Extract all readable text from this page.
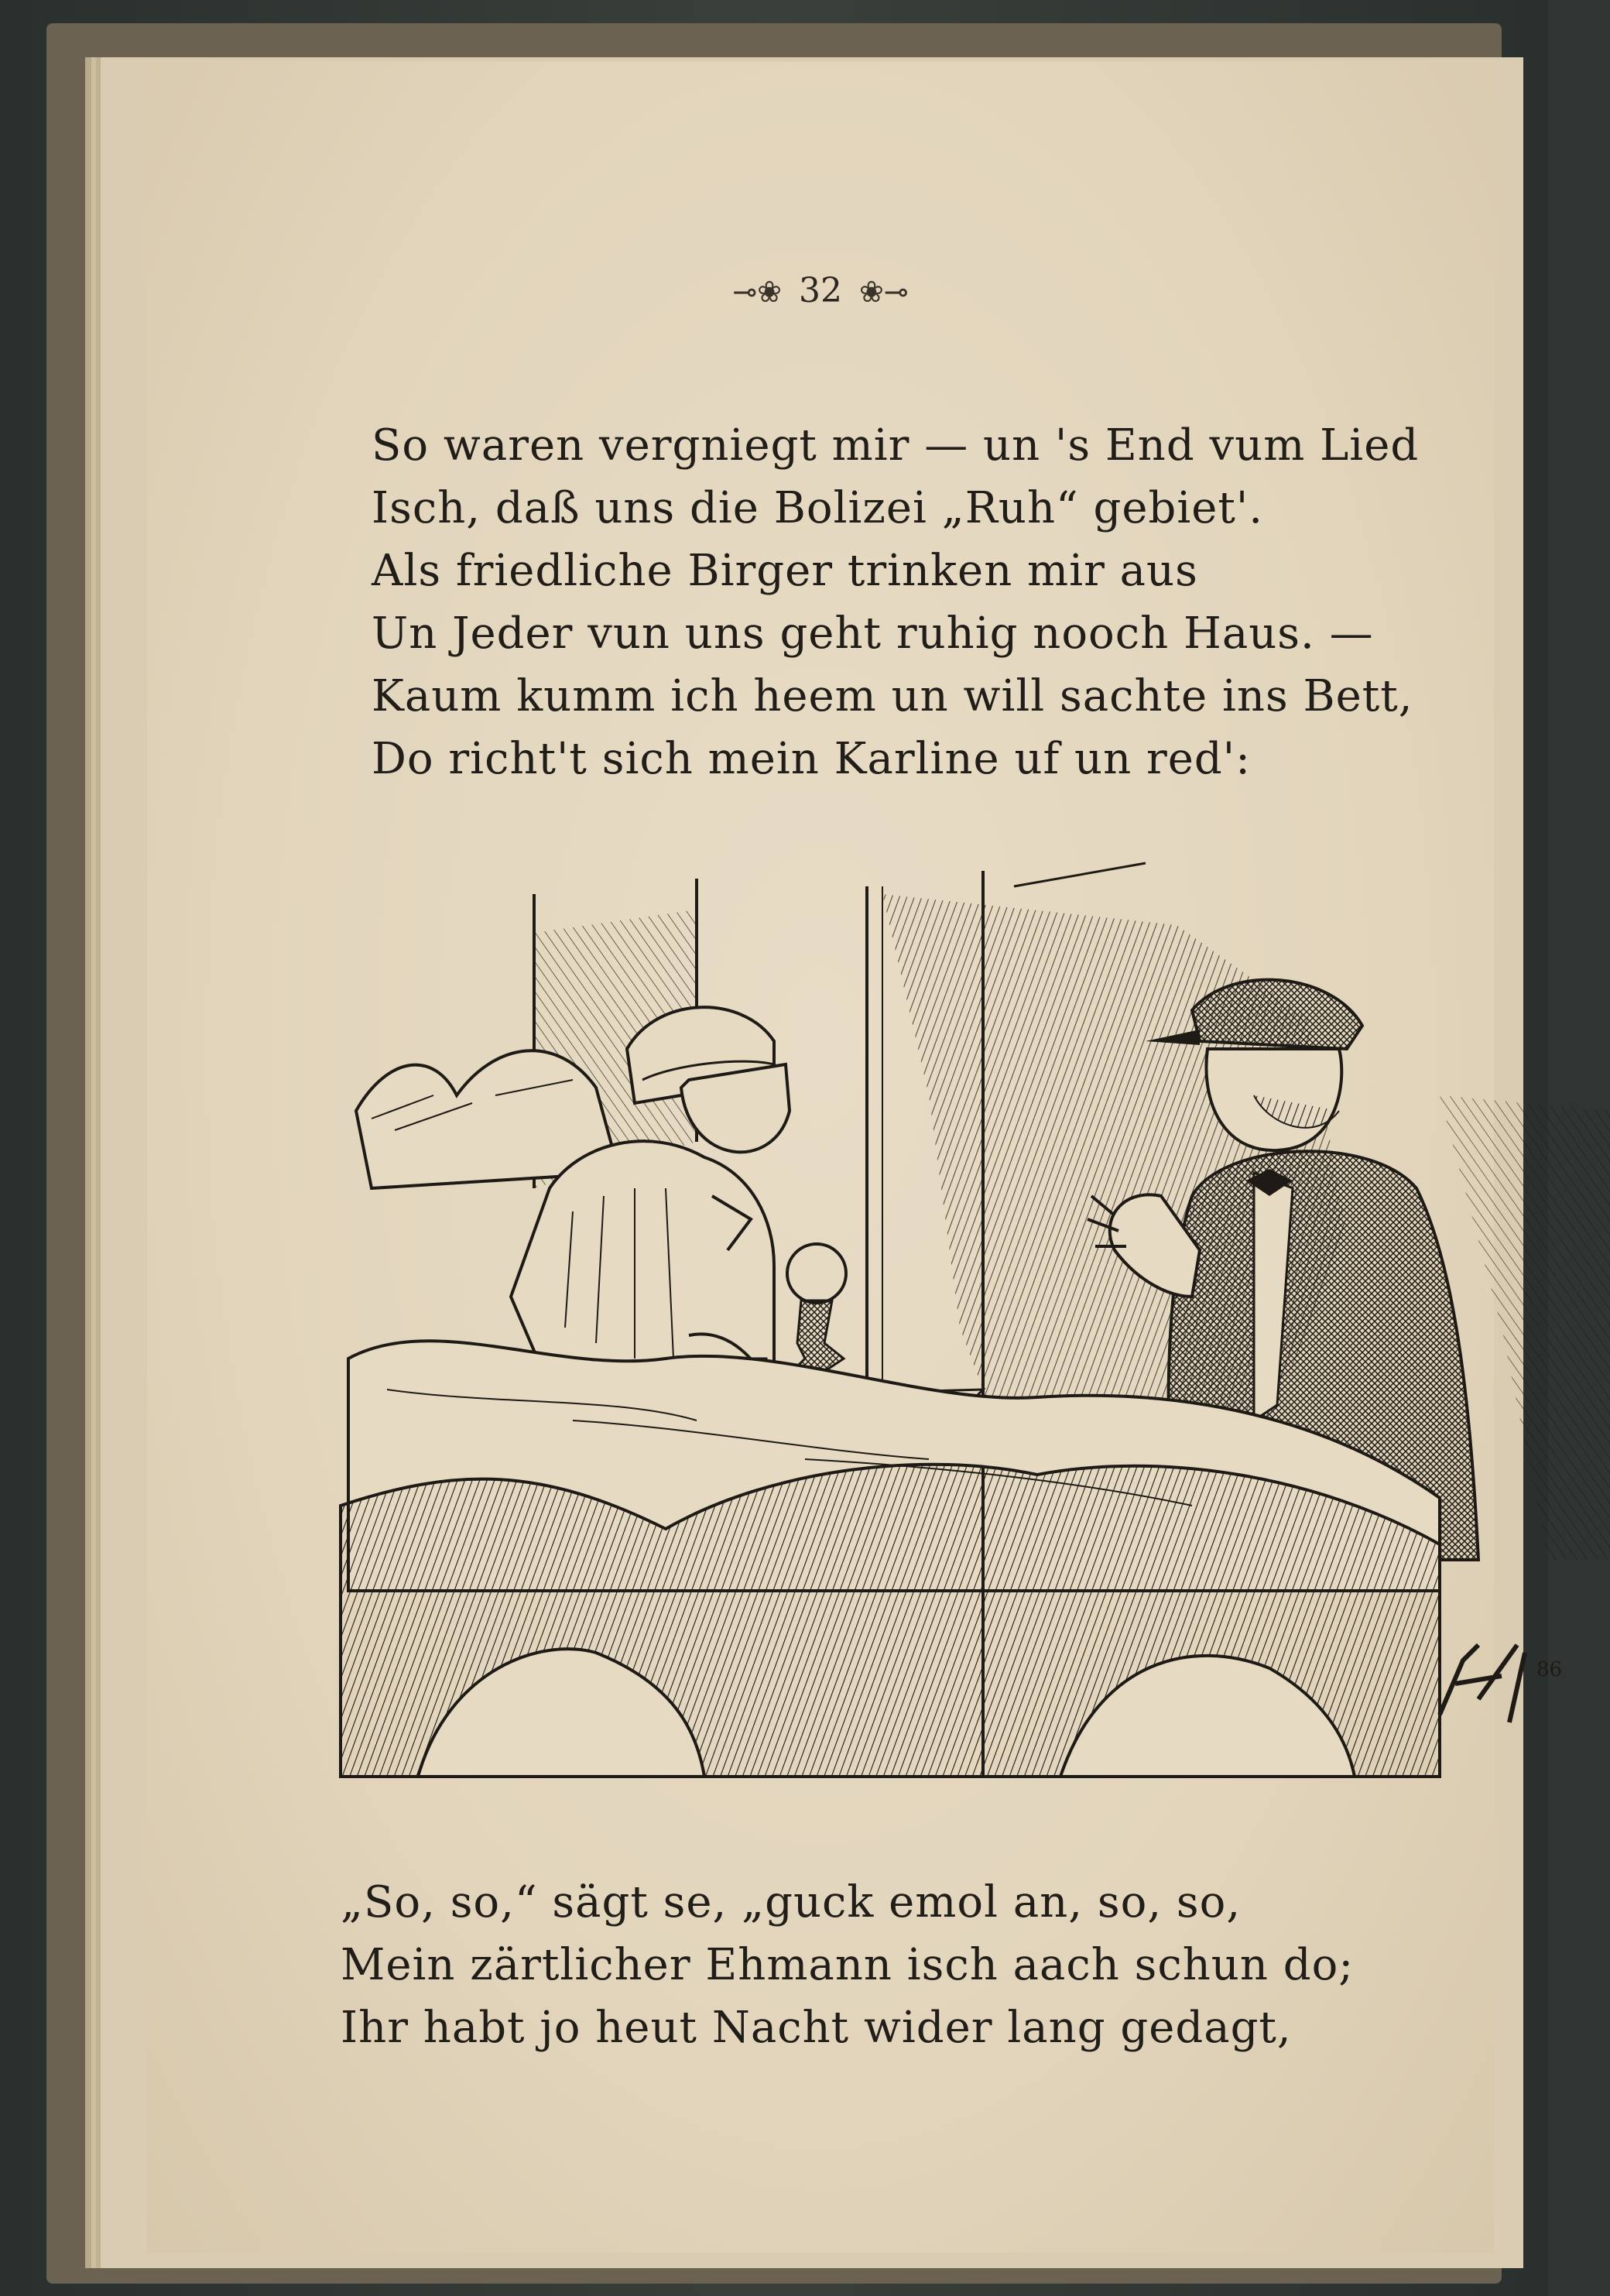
⊸❀ 32 ❀⊸
So waren vergniegt mir — un 's End vum Lied
Isch, daß uns die Bolizei „Ruh“ gebiet'.
Als friedliche Birger trinken mir aus
Un Jeder vun uns geht ruhig nooch Haus. —
Kaum kumm ich heem un will sachte ins Bett,
Do richt't sich mein Karline uf un red':
86
„So, so,“ sägt se, „guck emol an, so, so,
Mein zärtlicher Ehmann isch aach schun do;
Ihr habt jo heut Nacht wider lang gedagt,
